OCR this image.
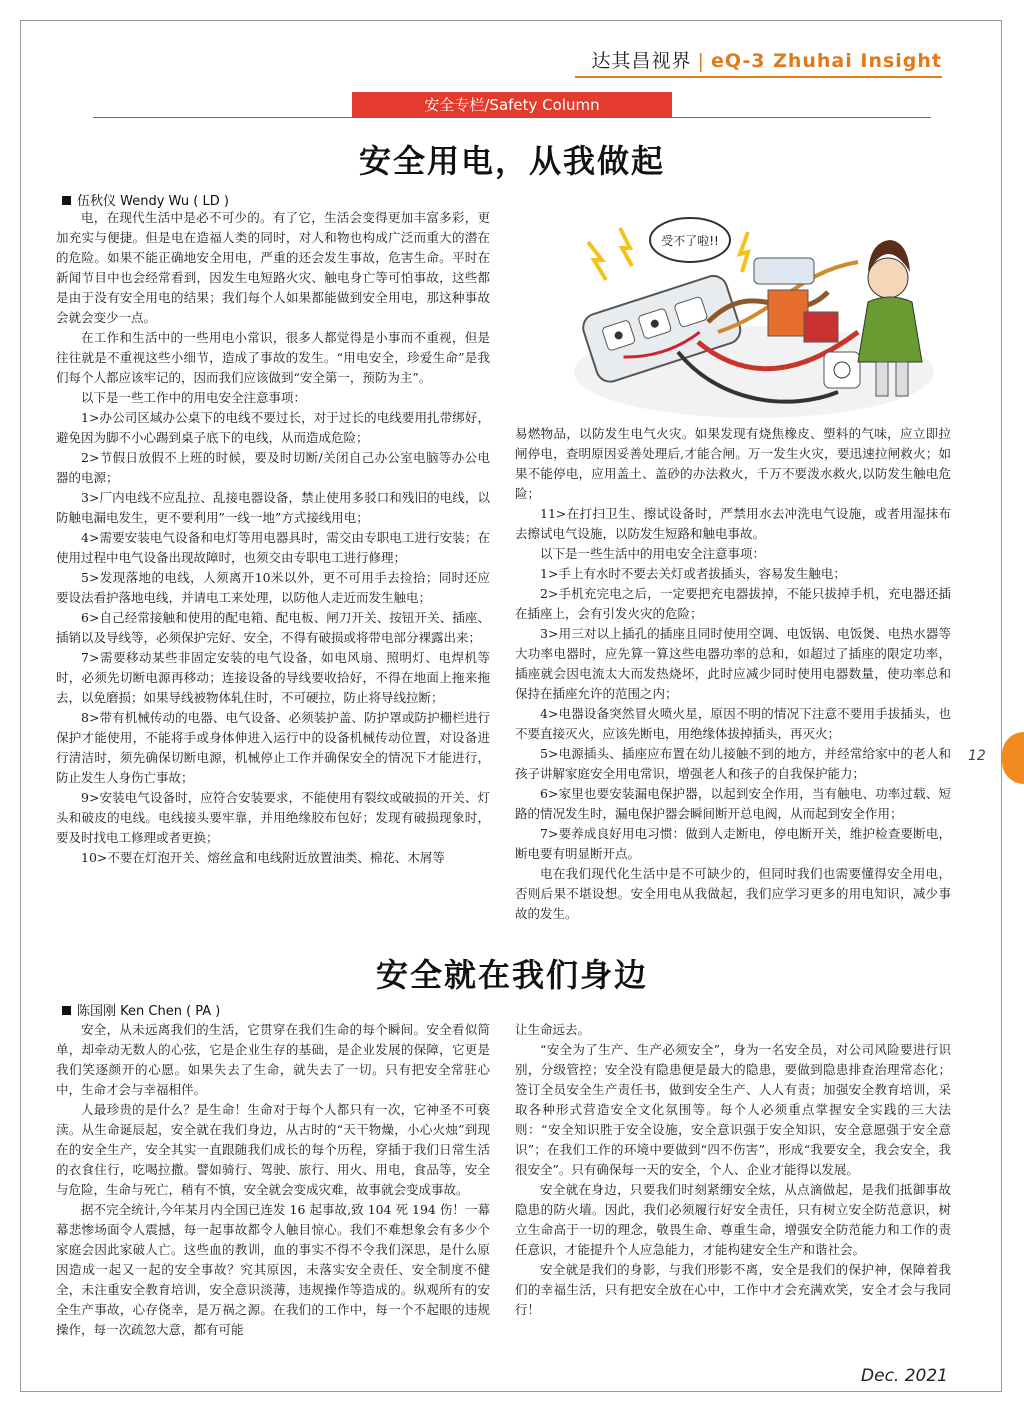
达其昌视界 | eQ-3 Zhuhai Insight
安全专栏/Safety Column
安全用电，从我做起
伍秋仪 Wendy Wu ( LD )

电，在现代生活中是必不可少的。有了它，生活会变得更加丰富多彩，更加充实与便捷。但是电在造福人类的同时，对人和物也构成广泛而重大的潜在的危险。如果不能正确地安全用电，严重的还会发生事故，危害生命。平时在新闻节目中也会经常看到，因发生电短路火灾、触电身亡等可怕事故，这些都是由于没有安全用电的结果；我们每个人如果都能做到安全用电，那这种事故会就会变少一点。

在工作和生活中的一些用电小常识，很多人都觉得是小事而不重视，但是往往就是不重视这些小细节，造成了事故的发生。“用电安全，珍爱生命”是我们每个人都应该牢记的，因而我们应该做到“安全第一，预防为主”。

以下是一些工作中的用电安全注意事项：

1>办公司区域办公桌下的电线不要过长，对于过长的电线要用扎带绑好，避免因为脚不小心踢到桌子底下的电线，从而造成危险；

2>节假日放假不上班的时候，要及时切断/关闭自己办公室电脑等办公电器的电源；

3>厂内电线不应乱拉、乱接电器设备，禁止使用多驳口和残旧的电线，以防触电漏电发生，更不要利用”一线一地”方式接线用电；

4>需要安装电气设备和电灯等用电器具时，需交由专职电工进行安装；在使用过程中电气设备出现故障时，也须交由专职电工进行修理；

5>发现落地的电线，人须离开10米以外，更不可用手去捡拾；同时还应要设法看护落地电线，并请电工来处理，以防他人走近而发生触电；

6>自己经常接触和使用的配电箱、配电板、闸刀开关、按钮开关、插座、插销以及导线等，必须保护完好、安全，不得有破损或将带电部分裸露出来；

7>需要移动某些非固定安装的电气设备，如电风扇、照明灯、电焊机等时，必须先切断电源再移动；连接设备的导线要收拾好，不得在地面上拖来拖去，以免磨损；如果导线被物体轧住时，不可硬拉，防止将导线拉断；

8>带有机械传动的电器、电气设备、必须装护盖、防护罩或防护栅栏进行保护才能使用，不能将手或身体伸进入运行中的设备机械传动位置，对设备进行清洁时，须先确保切断电源，机械停止工作并确保安全的情况下才能进行，防止发生人身伤亡事故；

9>安装电气设备时，应符合安装要求，不能使用有裂纹或破损的开关、灯头和破皮的电线。电线接头要牢靠，并用绝缘胶布包好；发现有破损现象时，要及时找电工修理或者更换；

10>不要在灯泡开关、熔丝盒和电线附近放置油类、棉花、木屑等

受不了啦!!

易燃物品，以防发生电气火灾。如果发现有烧焦橡皮、塑料的气味，应立即拉闸停电，查明原因妥善处理后,才能合闸。万一发生火灾，要迅速拉闸救火；如果不能停电，应用盖土、盖砂的办法救火，千万不要泼水救火,以防发生触电危险；

11>在打扫卫生、擦试设备时，严禁用水去冲洗电气设施，或者用湿抹布去擦试电气设施，以防发生短路和触电事故。

以下是一些生活中的用电安全注意事项：

1>手上有水时不要去关灯或者拔插头，容易发生触电；

2>手机充完电之后，一定要把充电器拔掉，不能只拔掉手机，充电器还插在插座上，会有引发火灾的危险；

3>用三对以上插孔的插座且同时使用空调、电饭锅、电饭煲、电热水器等大功率电器时，应先算一算这些电器功率的总和，如超过了插座的限定功率，插座就会因电流太大而发热烧坏，此时应减少同时使用电器数量，使功率总和保持在插座允许的范围之内；

4>电器设备突然冒火喷火星，原因不明的情况下注意不要用手拔插头，也不要直接灭火，应该先断电，用绝缘体拔掉插头，再灭火；

5>电源插头、插座应布置在幼儿接触不到的地方，并经常给家中的老人和孩子讲解家庭安全用电常识，增强老人和孩子的自我保护能力；

6>家里也要安装漏电保护器，以起到安全作用，当有触电、功率过载、短路的情况发生时，漏电保护器会瞬间断开总电阀，从而起到安全作用；

7>要养成良好用电习惯：做到人走断电，停电断开关，维护检查要断电，断电要有明显断开点。

电在我们现代化生活中是不可缺少的，但同时我们也需要懂得安全用电，否则后果不堪设想。安全用电从我做起，我们应学习更多的用电知识，减少事故的发生。

安全就在我们身边
陈国刚 Ken Chen ( PA )

安全，从未远离我们的生活，它贯穿在我们生命的每个瞬间。安全看似简单，却牵动无数人的心弦，它是企业生存的基础，是企业发展的保障，它更是我们笑逐颜开的心愿。如果失去了生命，就失去了一切。只有把安全常驻心中，生命才会与幸福相伴。

人最珍贵的是什么？是生命！生命对于每个人都只有一次，它神圣不可亵渎。从生命诞辰起，安全就在我们身边，从古时的“天干物燥，小心火烛”到现在的安全生产，安全其实一直跟随我们成长的每个历程，穿插于我们日常生活的衣食住行，吃喝拉撒。譬如骑行、驾驶、旅行、用火、用电，食品等，安全与危险，生命与死亡，稍有不慎，安全就会变成灾难，故事就会变成事故。

据不完全统计,今年某月内全国已连发 16 起事故,致 104 死 194 伤！一幕幕悲惨场面令人震撼，每一起事故都令人触目惊心。我们不难想象会有多少个家庭会因此家破人亡。这些血的教训，血的事实不得不令我们深思，是什么原因造成一起又一起的安全事故？究其原因，未落实安全责任、安全制度不健全，未注重安全教育培训，安全意识淡薄，违规操作等造成的。纵观所有的安全生产事故，心存侥幸，是万祸之源。在我们的工作中，每一个不起眼的违规操作，每一次疏忽大意，都有可能

让生命远去。

“安全为了生产、生产必须安全”，身为一名安全员，对公司风险要进行识别，分级管控；安全没有隐患便是最大的隐患，要做到隐患排查治理常态化；签订全员安全生产责任书，做到安全生产、人人有责；加强安全教育培训，采取各种形式营造安全文化氛围等。每个人必须重点掌握安全实践的三大法则：“安全知识胜于安全设施，安全意识强于安全知识，安全意愿强于安全意识”；在我们工作的环境中要做到“四不伤害”，形成“我要安全，我会安全，我很安全”。只有确保每一天的安全，个人、企业才能得以发展。

安全就在身边，只要我们时刻紧绷安全炫，从点滴做起，是我们抵御事故隐患的防火墙。因此，我们必须履行好安全责任，只有树立安全防范意识，树立生命高于一切的理念，敬畏生命、尊重生命，增强安全防范能力和工作的责任意识，才能提升个人应急能力，才能构建安全生产和谐社会。

安全就是我们的身影，与我们形影不离，安全是我们的保护神，保障着我们的幸福生活，只有把安全放在心中，工作中才会充满欢笑，安全才会与我同行！

12
Dec. 2021
